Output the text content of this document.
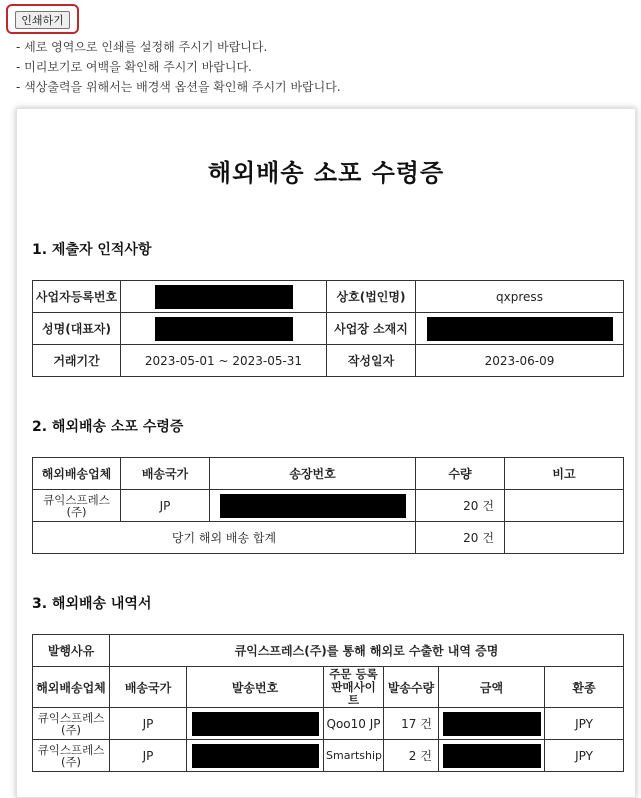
인쇄하기
- 세로 영역으로 인쇄를 설정해 주시기 바랍니다.
- 미리보기로 여백을 확인해 주시기 바랍니다.
- 색상출력을 위해서는 배경색 옵션을 확인해 주시기 바랍니다.
해외배송 소포 수령증
1. 제출자 인적사항
사업자등록번호		상호(법인명)	qxpress
성명(대표자)		사업장 소재지	
거래기간	2023-05-01 ~ 2023-05-31	작성일자	2023-06-09
2. 해외배송 소포 수령증
해외배송업체	배송국가	송장번호	수량	비고
큐익스프레스(주)	JP		20 건	
당기 해외 배송 합계			20 건	
3. 해외배송 내역서
발행사유	큐익스프레스(주)를 통해 해외로 수출한 내역 증명					
해외배송업체	배송국가	발송번호	주문 등록 판매사이트	발송수량	금액	환종
큐익스프레스(주)	JP		Qoo10 JP	17 건		JPY
큐익스프레스(주)	JP		Smartship	2 건		JPY
